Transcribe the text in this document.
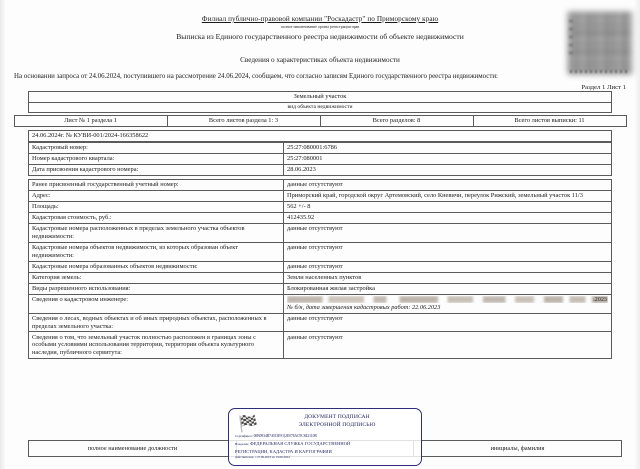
Филиал публично-правовой компании "Роскадастр" по Приморскому краю
полное наименование органа регистрации прав
Выписка из Единого государственного реестра недвижимости об объекте недвижимости
Сведения о характеристиках объекта недвижимости
На основании запроса от 24.06.2024, поступившего на рассмотрение 24.06.2024, сообщаем, что согласно записям Единого государственного реестра недвижимости:
Раздел 1 Лист 1
Земельный участок
вид объекта недвижимости
Лист № 1 раздела 1	Всего листов раздела 1: 3	Всего разделов: 8	Всего листов выписки: 11
24.06.2024г. № КУВИ-001/2024-166358622
Кадастровый номер:	25:27:080001:6786
Номер кадастрового квартала:	25:27:080001
Дата присвоения кадастрового номера:	28.06.2023
Ранее присвоенный государственный учетный номер:	данные отсутствуют
Адрес:	Приморский край, городской округ Артемовский, село Кневичи, переулок Рижский, земельный участок 11/3
Площадь:	562 +/- 8
Кадастровая стоимость, руб.:	412435.92
Кадастровые номера расположенных в пределах земельного участка объектов недвижимости:	данные отсутствуют
Кадастровые номера объектов недвижимости, из которых образован объект недвижимости:	данные отсутствуют
Кадастровые номера образованных объектов недвижимости:	данные отсутствуют
Категория земель:	Земли населенных пунктов
Виды разрешенного использования:	Блокированная жилая застройка
Сведения о кадастровом инженере:	.2023
№ б/н, дата завершения кадастровых работ: 22.06.2023

Сведения о лесах, водных объектах и об иных природных объектах, расположенных в пределах земельного участка:	данные отсутствуют
Сведения о том, что земельный участок полностью расположен в границах зоны с особыми условиями использования территории, территории объекта культурного наследия, публичного сервитута:	данные отсутствуют
полное наименование должности		инициалы, фамилия
🏁	ДОКУМЕНТ ПОДПИСАН
ЭЛЕКТРОННОЙ ПОДПИСЬЮ
Сертификат: 00B0934B74013E91[2E076AC9C842110B
Владелец: ФЕДЕРАЛЬНАЯ СЛУЖБА ГОСУДАРСТВЕННОЙ
РЕГИСТРАЦИИ, КАДАСТРА И КАРТОГРАФИИ
Действителен: с 27.06.2023 по 19.09.2024
